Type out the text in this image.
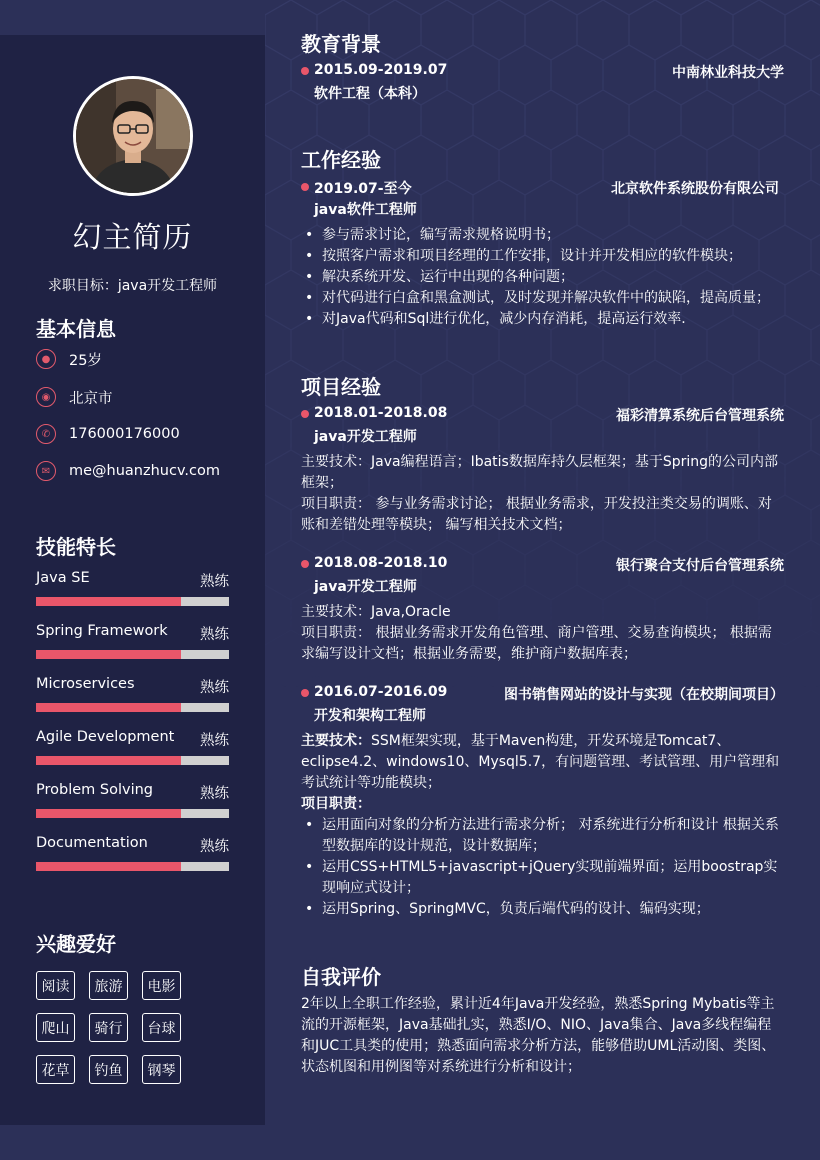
幻主简历
求职目标：java开发工程师
基本信息
●	25岁
◉	北京市
✆	176000176000
✉	me@huanzhucv.com
技能特长
Java SE	熟练
Spring Framework 熟练
Microservices	熟练
Agile Development 熟练
Problem Solving	熟练
Documentation	熟练
兴趣爱好
阅读	旅游	电影
爬山	骑行	台球
花草	钓鱼	钢琴
教育背景
2015.09-2019.07	中南林业科技大学
软件工程（本科）
工作经验
2019.07-至今	北京软件系统股份有限公司
java软件工程师
• 参与需求讨论，编写需求规格说明书；
• 按照客户需求和项目经理的工作安排，设计并开发相应的软件模块；
• 解决系统开发、运行中出现的各种问题；
• 对代码进行白盒和黑盒测试，及时发现并解决软件中的缺陷，提高质量；
• 对Java代码和Sql进行优化，减少内存消耗，提高运行效率.
项目经验
2018.01-2018.08	福彩清算系统后台管理系统
java开发工程师
主要技术：Java编程语言；Ibatis数据库持久层框架；基于Spring的公司内部框架；
项目职责： 参与业务需求讨论； 根据业务需求，开发投注类交易的调账、对账和差错处理等模块； 编写相关技术文档；
2018.08-2018.10	银行聚合支付后台管理系统
java开发工程师
主要技术：Java,Oracle
项目职责： 根据业务需求开发角色管理、商户管理、交易查询模块； 根据需求编写设计文档；根据业务需要，维护商户数据库表；
2016.07-2016.09	图书销售网站的设计与实现（在校期间项目）
开发和架构工程师
主要技术：SSM框架实现，基于Maven构建，开发环境是Tomcat7、eclipse4.2、windows10、Mysql5.7，有问题管理、考试管理、用户管理和考试统计等功能模块；
项目职责：
• 运用面向对象的分析方法进行需求分析； 对系统进行分析和设计 根据关系型数据库的设计规范，设计数据库；
• 运用CSS+HTML5+javascript+jQuery实现前端界面；运用boostrap实现响应式设计；
• 运用Spring、SpringMVC，负责后端代码的设计、编码实现；
自我评价
2年以上全职工作经验，累计近4年Java开发经验，熟悉Spring Mybatis等主流的开源框架，Java基础扎实，熟悉I/O、NIO、Java集合、Java多线程编程和JUC工具类的使用；熟悉面向需求分析方法，能够借助UML活动图、类图、状态机图和用例图等对系统进行分析和设计；
